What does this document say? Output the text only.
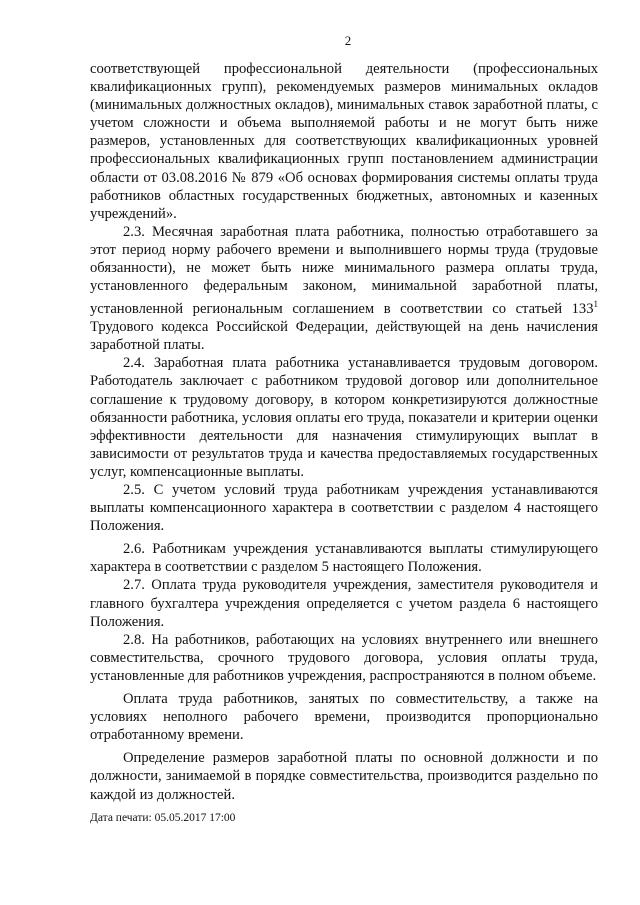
2

соответствующей профессиональной деятельности (профессиональных квалификационных групп), рекомендуемых размеров минимальных окладов (минимальных должностных окладов), минимальных ставок заработной платы, с учетом сложности и объема выполняемой работы и не могут быть ниже размеров, установленных для соответствующих квалификационных уровней профессиональных квалификационных групп постановлением администрации области от 03.08.2016 № 879 «Об основах формирования системы оплаты труда работников областных государственных бюджетных, автономных и казенных учреждений».

2.3. Месячная заработная плата работника, полностью отработавшего за этот период норму рабочего времени и выполнившего нормы труда (трудовые обязанности), не может быть ниже минимального размера оплаты труда, установленного федеральным законом, минимальной заработной платы, установленной региональным соглашением в соответствии со статьей $133^1$ Трудового кодекса Российской Федерации, действующей на день начисления заработной платы.

2.4. Заработная плата работника устанавливается трудовым договором. Работодатель заключает с работником трудовой договор или дополнительное соглашение к трудовому договору, в котором конкретизируются должностные обязанности работника, условия оплаты его труда, показатели и критерии оценки эффективности деятельности для назначения стимулирующих выплат в зависимости от результатов труда и качества предоставляемых государственных услуг, компенсационные выплаты.

2.5. С учетом условий труда работникам учреждения устанавливаются выплаты компенсационного характера в соответствии с разделом 4 настоящего Положения.

2.6. Работникам учреждения устанавливаются выплаты стимулирующего характера в соответствии с разделом 5 настоящего Положения.

2.7. Оплата труда руководителя учреждения, заместителя руководителя и главного бухгалтера учреждения определяется с учетом раздела 6 настоящего Положения.

2.8. На работников, работающих на условиях внутреннего или внешнего совместительства, срочного трудового договора, условия оплаты труда, установленные для работников учреждения, распространяются в полном объеме.

Оплата труда работников, занятых по совместительству, а также на условиях неполного рабочего времени, производится пропорционально отработанному времени.

Определение размеров заработной платы по основной должности и по должности, занимаемой в порядке совместительства, производится раздельно по каждой из должностей.

Дата печати: 05.05.2017 17:00
